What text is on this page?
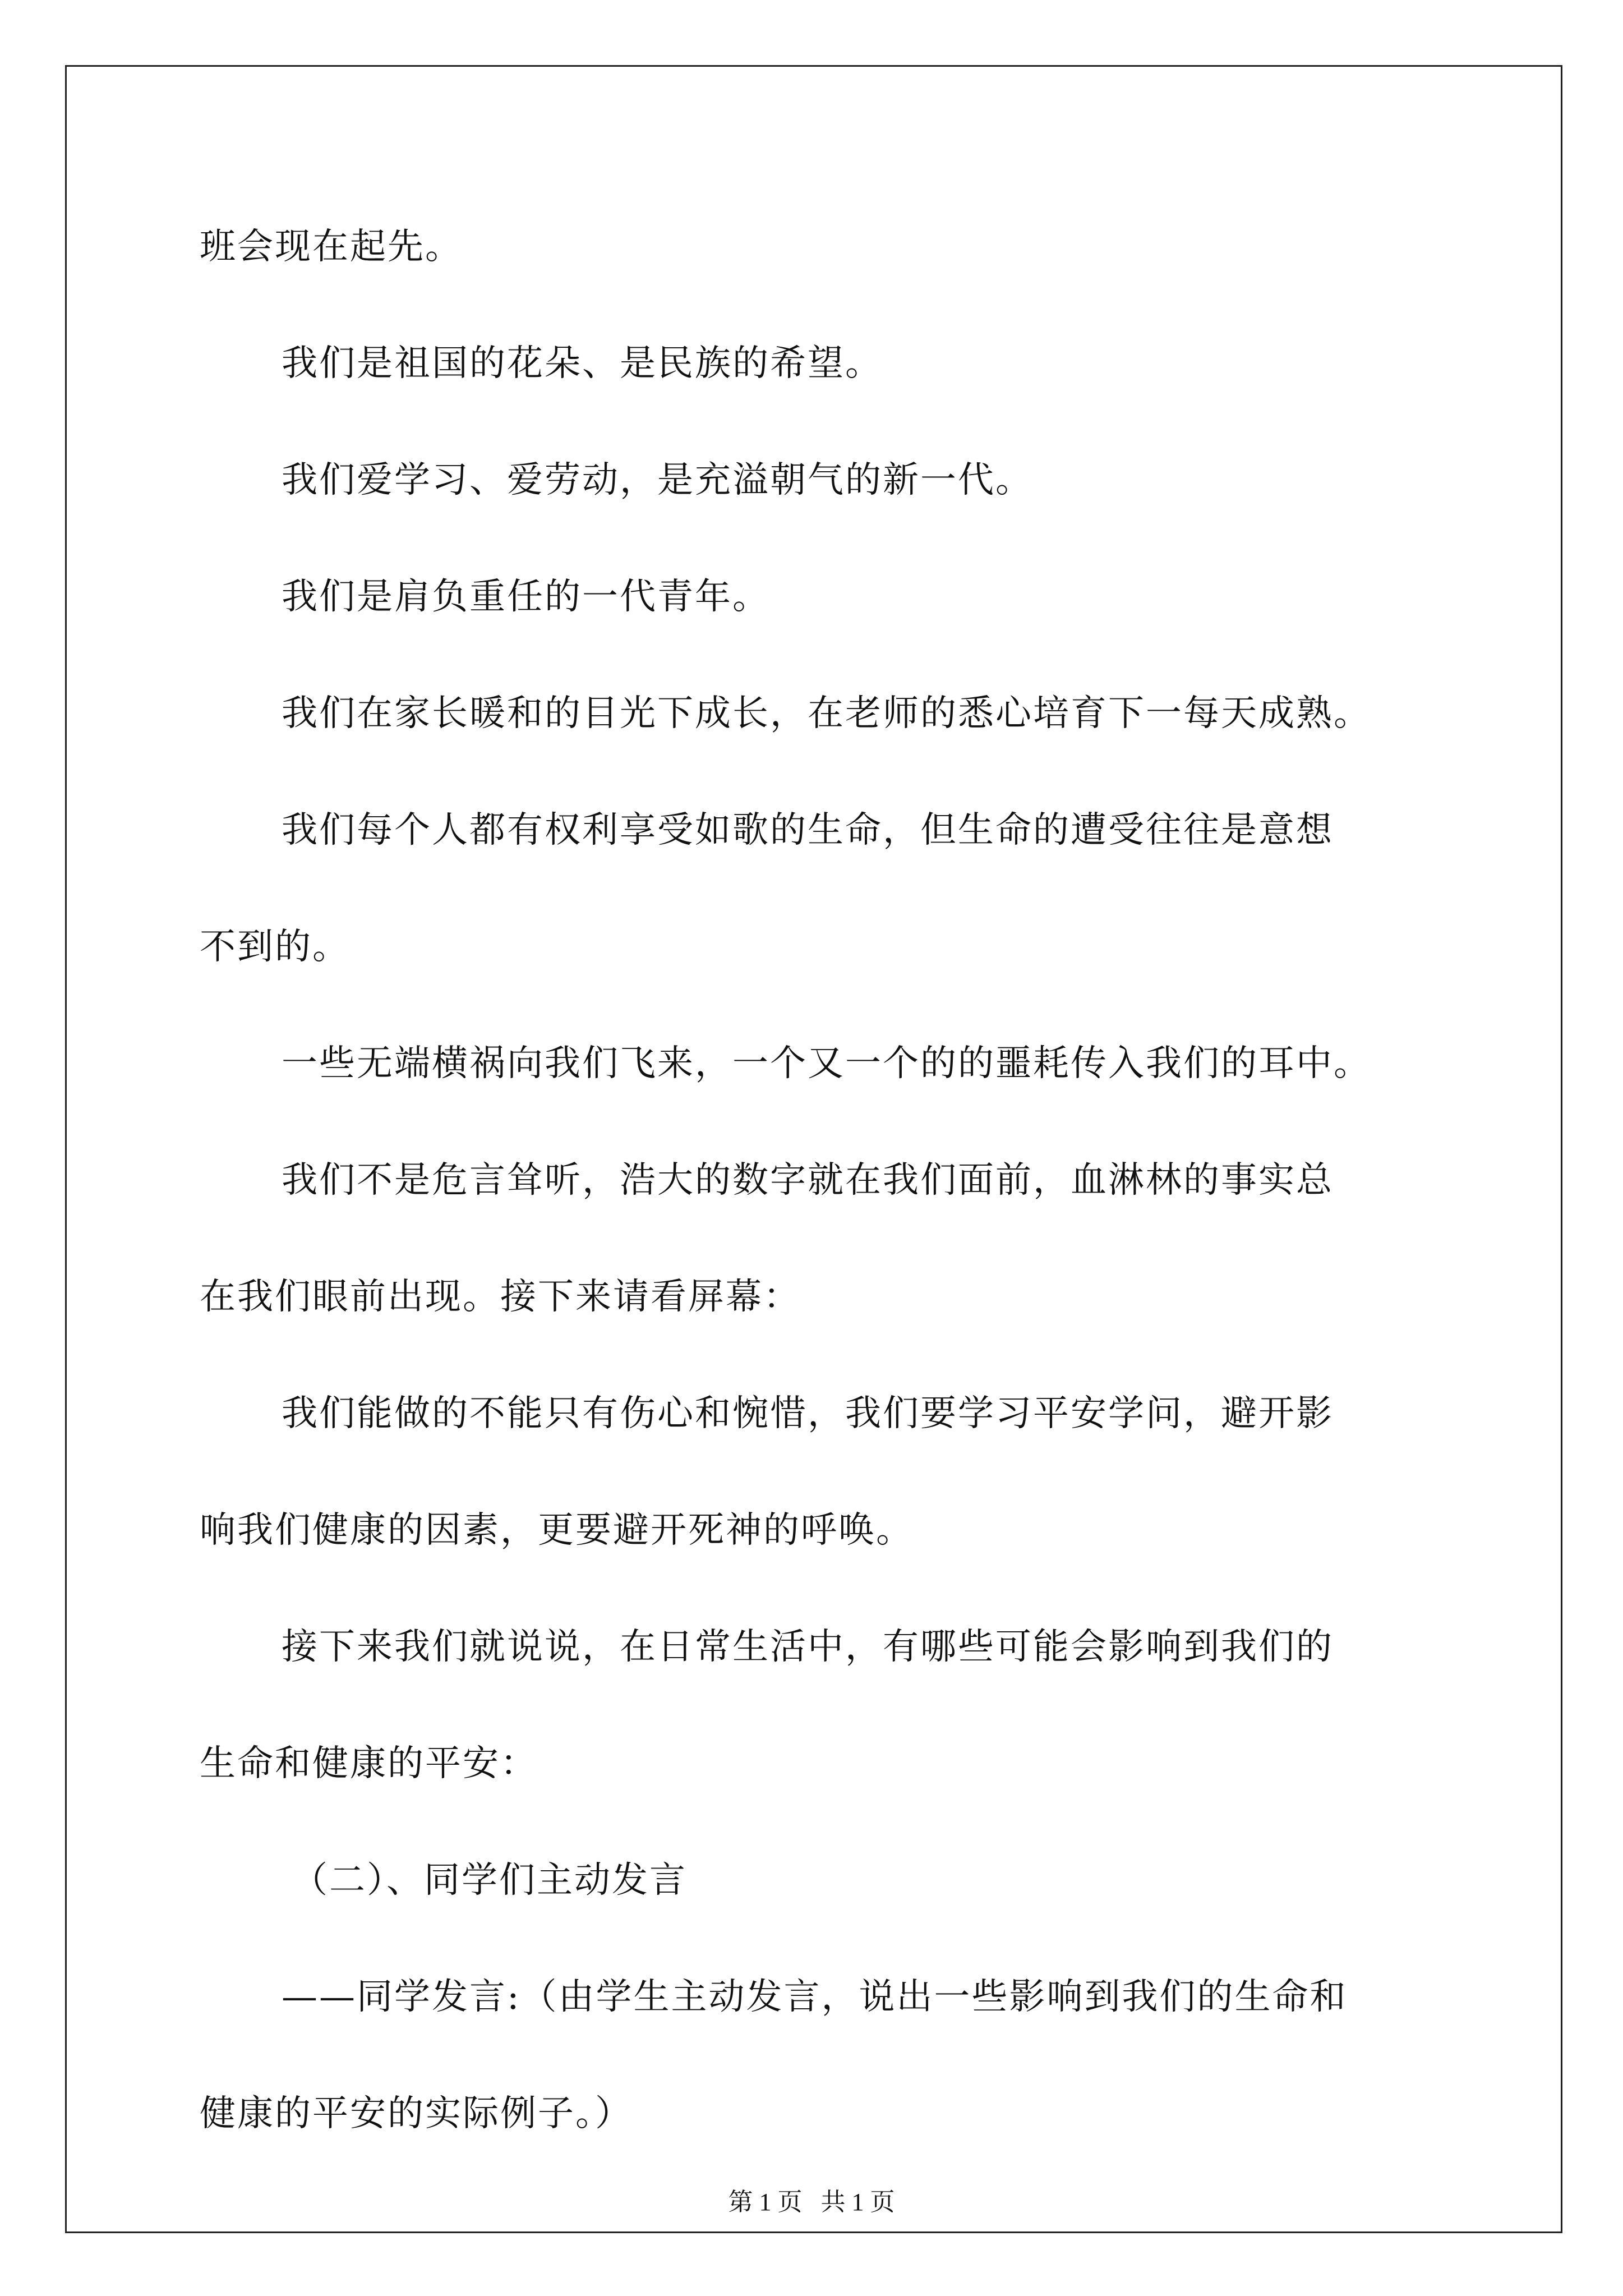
班会现在起先。
我们是祖国的花朵、是民族的希望。
我们爱学习、爱劳动，是充溢朝气的新一代。
我们是肩负重任的一代青年。
我们在家长暖和的目光下成长，在老师的悉心培育下一每天成熟。
我们每个人都有权利享受如歌的生命，但生命的遭受往往是意想
不到的。
一些无端横祸向我们飞来，一个又一个的的噩耗传入我们的耳中。
我们不是危言耸听，浩大的数字就在我们面前，血淋林的事实总
在我们眼前出现。接下来请看屏幕：
我们能做的不能只有伤心和惋惜，我们要学习平安学问，避开影
响我们健康的因素，更要避开死神的呼唤。
接下来我们就说说，在日常生活中，有哪些可能会影响到我们的
生命和健康的平安：
（二）、同学们主动发言
——同学发言:（由学生主动发言，说出一些影响到我们的生命和
健康的平安的实际例子。）
第 1 页   共 1 页
